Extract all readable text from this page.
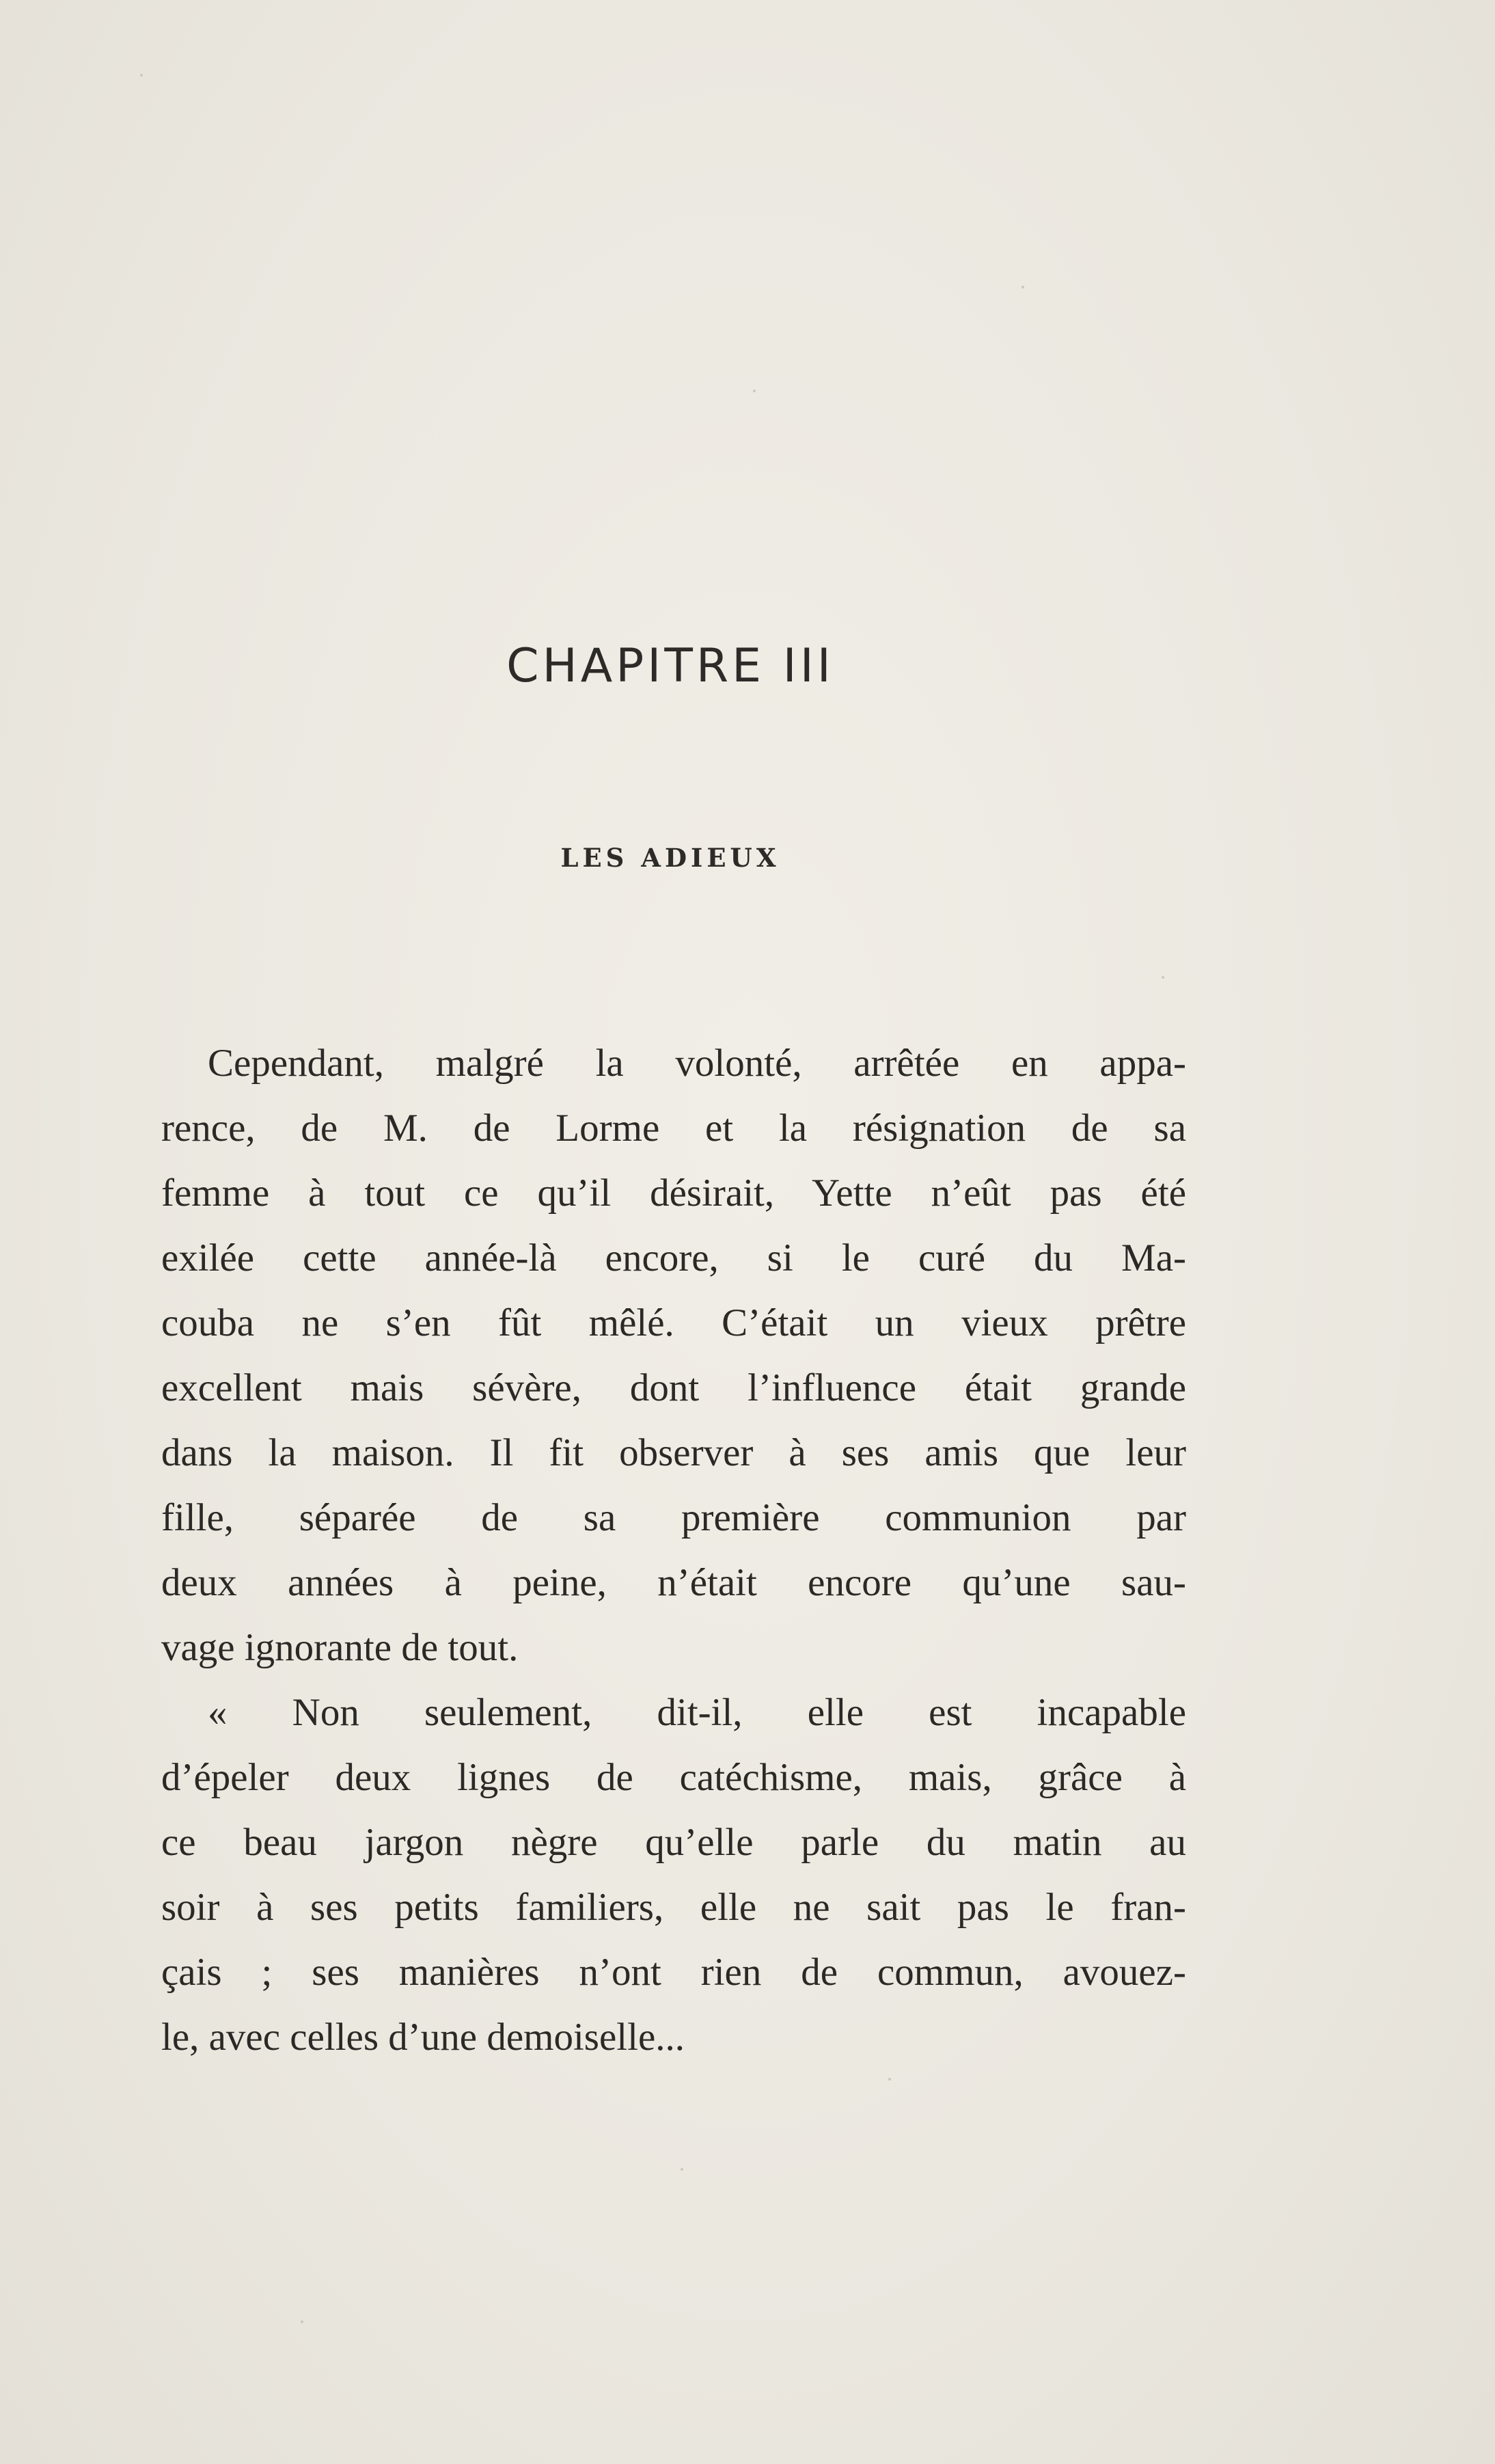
CHAPITRE III
LES ADIEUX
Cependant, malgré la volonté, arrêtée en appa-
rence, de M. de Lorme et la résignation de sa
femme à tout ce qu’il désirait, Yette n’eût pas été
exilée cette année-là encore, si le curé du Ma-
couba ne s’en fût mêlé. C’était un vieux prêtre
excellent mais sévère, dont l’influence était grande
dans la maison. Il fit observer à ses amis que leur
fille, séparée de sa première communion par
deux années à peine, n’était encore qu’une sau-
vage ignorante de tout.
« Non seulement, dit-il, elle est incapable
d’épeler deux lignes de catéchisme, mais, grâce à
ce beau jargon nègre qu’elle parle du matin au
soir à ses petits familiers, elle ne sait pas le fran-
çais ; ses manières n’ont rien de commun, avouez-
le, avec celles d’une demoiselle...
